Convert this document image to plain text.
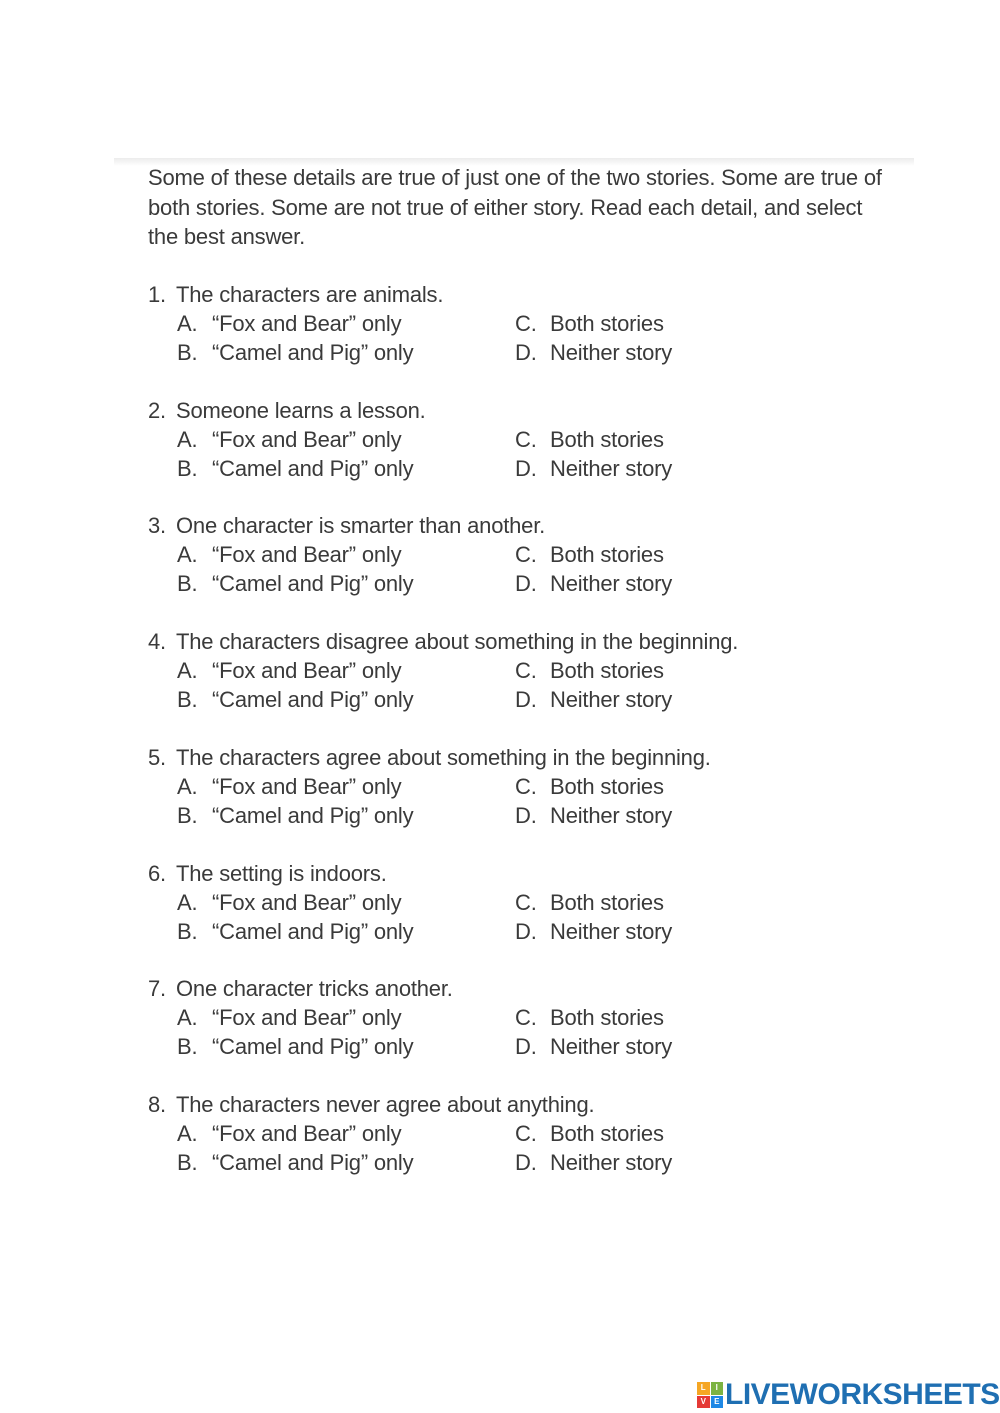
Some of these details are true of just one of the two stories. Some are true of both stories. Some are not true of either story. Read each detail, and select the best answer.
1. The characters are animals.
A. “Fox and Bear” only	C. Both stories
B. “Camel and Pig” only	D. Neither story
2. Someone learns a lesson.
A. “Fox and Bear” only	C. Both stories
B. “Camel and Pig” only	D. Neither story
3. One character is smarter than another.
A. “Fox and Bear” only	C. Both stories
B. “Camel and Pig” only	D. Neither story
4. The characters disagree about something in the beginning.
A. “Fox and Bear” only	C. Both stories
B. “Camel and Pig” only	D. Neither story
5. The characters agree about something in the beginning.
A. “Fox and Bear” only	C. Both stories
B. “Camel and Pig” only	D. Neither story
6. The setting is indoors.
A. “Fox and Bear” only	C. Both stories
B. “Camel and Pig” only	D. Neither story
7. One character tricks another.
A. “Fox and Bear” only	C. Both stories
B. “Camel and Pig” only	D. Neither story
8. The characters never agree about anything.
A. “Fox and Bear” only	C. Both stories
B. “Camel and Pig” only	D. Neither story
L	I
V	E LIVEWORKSHEETS
